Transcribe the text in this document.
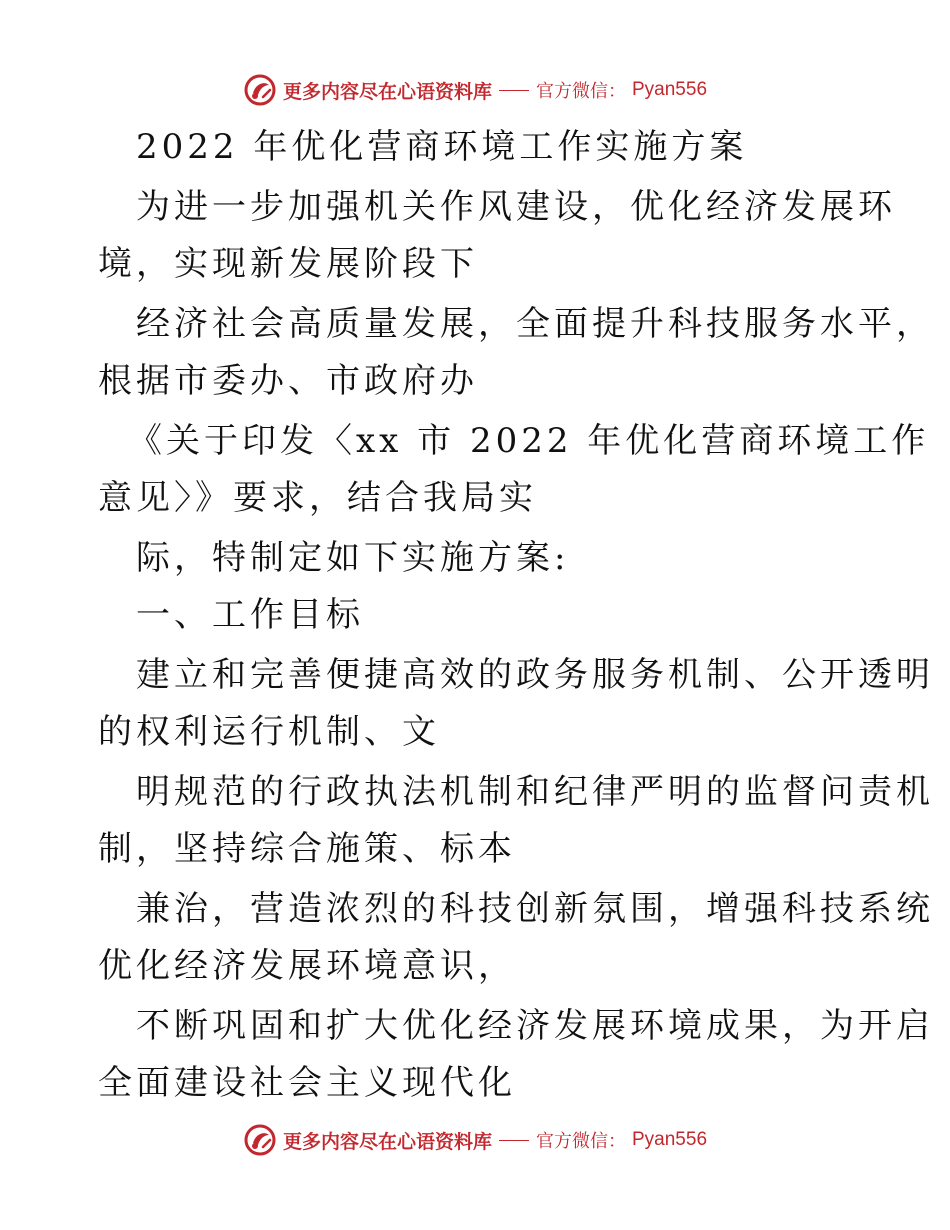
更多内容尽在心语资料库 官方微信： Pyan556
2022 年优化营商环境工作实施方案
为进一步加强机关作风建设，优化经济发展环
境，实现新发展阶段下
经济社会高质量发展，全面提升科技服务水平，
根据市委办、市政府办
《关于印发〈xx 市 2022 年优化营商环境工作
意见〉》要求，结合我局实
际，特制定如下实施方案:
一、工作目标
建立和完善便捷高效的政务服务机制、公开透明
的权利运行机制、文
明规范的行政执法机制和纪律严明的监督问责机
制，坚持综合施策、标本
兼治，营造浓烈的科技创新氛围，增强科技系统
优化经济发展环境意识，
不断巩固和扩大优化经济发展环境成果，为开启
全面建设社会主义现代化
更多内容尽在心语资料库 官方微信： Pyan556
